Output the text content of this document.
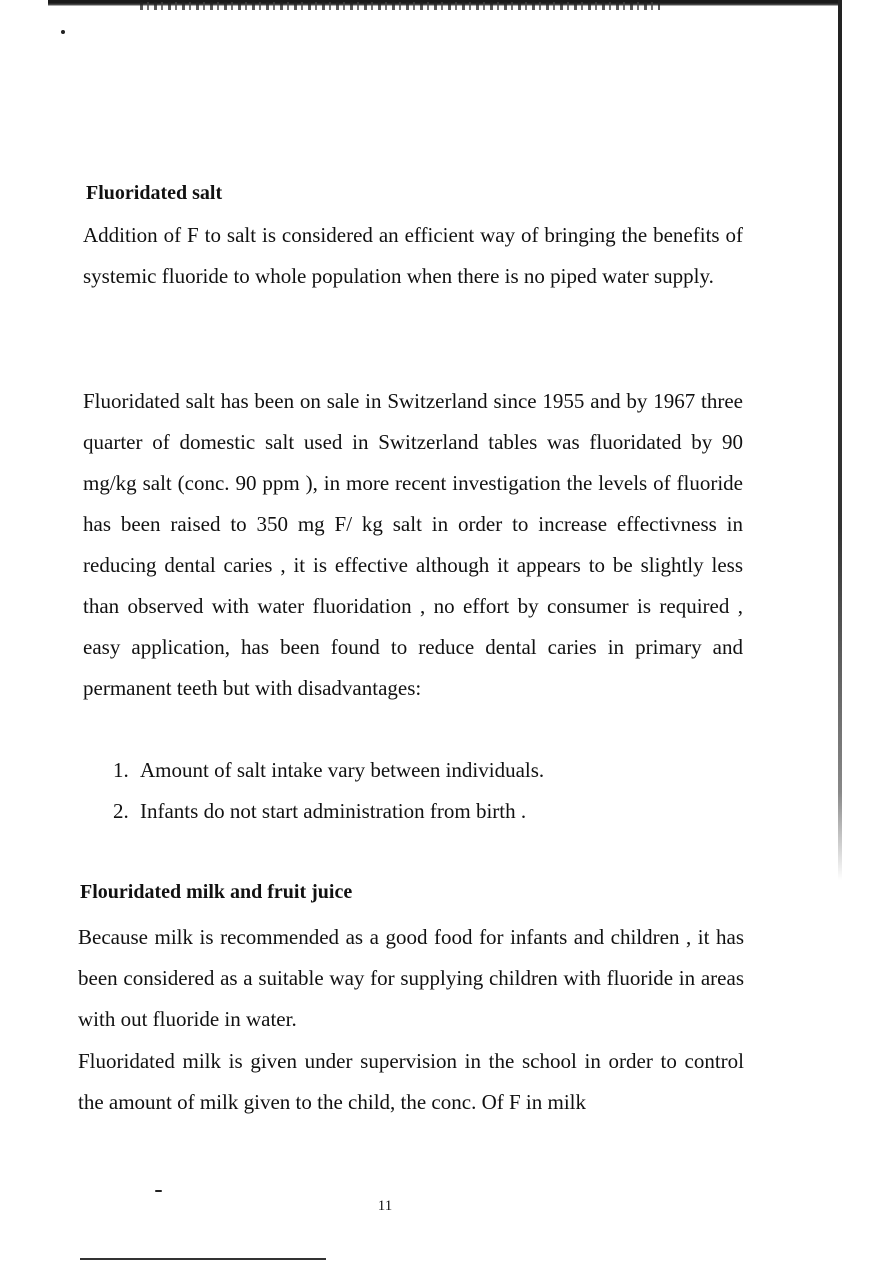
Fluoridated salt

Addition of F to salt is considered an efficient way of bringing the benefits of systemic fluoride to whole population when there is no piped water supply.

Fluoridated salt has been on sale in Switzerland since 1955 and by 1967 three quarter of domestic salt used in Switzerland tables was fluoridated by 90 mg/kg salt (conc. 90 ppm ), in more recent investigation the levels of fluoride has been raised to 350 mg F/ kg salt in order to increase effectivness in reducing dental caries , it is effective although it appears to be slightly less than observed with water fluoridation , no effort by consumer is required , easy application, has been found to reduce dental caries in primary and permanent teeth but with disadvantages:

1. Amount of salt intake vary between individuals.
2. Infants do not start administration from birth .
Flouridated milk and fruit juice

Because milk is recommended as a good food for infants and children , it has been considered as a suitable way for supplying children with fluoride in areas with out fluoride in water.

Fluoridated milk is given under supervision in the school in order to control the amount of milk given to the child, the conc. Of F in milk

11
